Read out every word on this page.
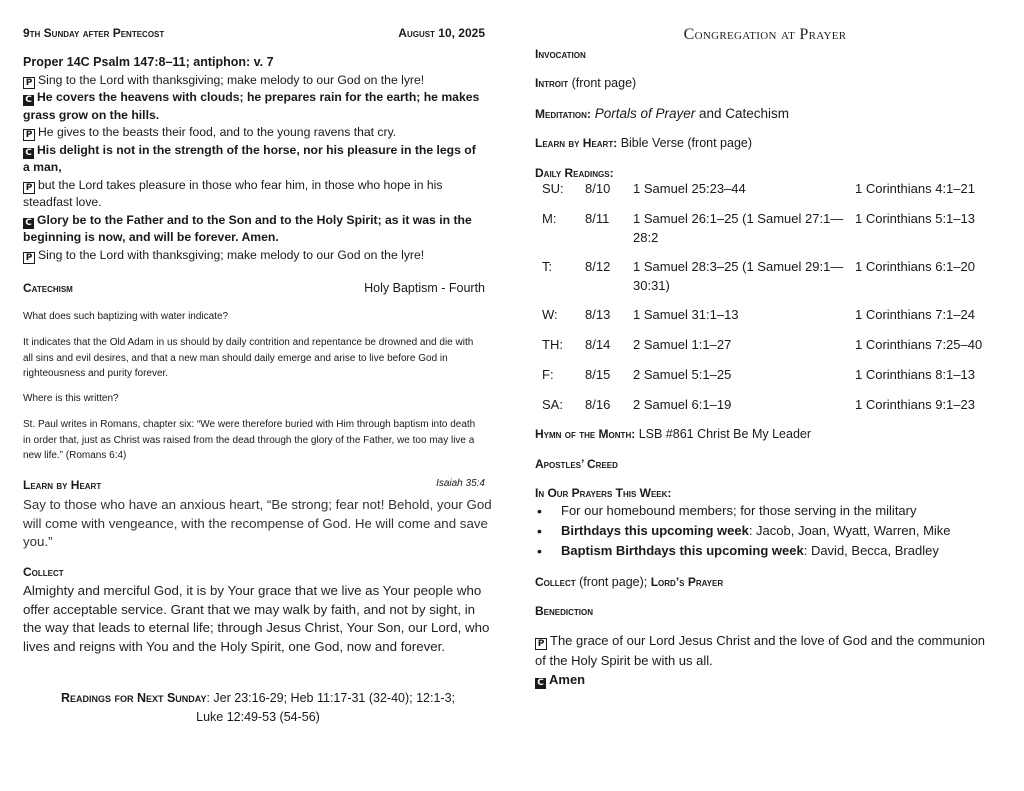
9th Sunday after Pentecost	August 10, 2025

Proper 14C Psalm 147:8–11; antiphon: v. 7

P Sing to the Lord with thanksgiving; make melody to our God on the lyre!

C He covers the heavens with clouds; he prepares rain for the earth; he makes grass grow on the hills.

P He gives to the beasts their food, and to the young ravens that cry.

C His delight is not in the strength of the horse, nor his pleasure in the legs of a man,

P but the Lord takes pleasure in those who fear him, in those who hope in his steadfast love.

C Glory be to the Father and to the Son and to the Holy Spirit; as it was in the beginning is now, and will be forever. Amen.

P Sing to the Lord with thanksgiving; make melody to our God on the lyre!

Catechism	Holy Baptism - Fourth

What does such baptizing with water indicate?

It indicates that the Old Adam in us should by daily contrition and repentance be drowned and die with all sins and evil desires, and that a new man should daily emerge and arise to live before God in righteousness and purity forever.

Where is this written?

St. Paul writes in Romans, chapter six: “We were therefore buried with Him through baptism into death in order that, just as Christ was raised from the dead through the glory of the Father, we too may live a new life.” (Romans 6:4)

Learn by Heart	Isaiah 35:4

Say to those who have an anxious heart, “Be strong; fear not! Behold, your God will come with vengeance, with the recompense of God. He will come and save you.”

Collect

Almighty and merciful God, it is by Your grace that we live as Your people who offer acceptable service. Grant that we may walk by faith, and not by sight, in the way that leads to eternal life; through Jesus Christ, Your Son, our Lord, who lives and reigns with You and the Holy Spirit, one God, now and forever.

Readings for Next Sunday: Jer 23:16-29; Heb 11:17-31 (32-40); 12:1-3;
Luke 12:49-53 (54-56)
Congregation at Prayer
Invocation
Introit (front page)
Meditation: Portals of Prayer and Catechism
Learn by Heart: Bible Verse (front page)
Daily Readings:
SU:	8/10	1 Samuel 25:23–44	1 Corinthians 4:1–21
M:	8/11	1 Samuel 26:1–25 (1 Samuel 27:1—28:2	1 Corinthians 5:1–13
T:	8/12	1 Samuel 28:3–25 (1 Samuel 29:1—30:31)	1 Corinthians 6:1–20
W:	8/13	1 Samuel 31:1–13	1 Corinthians 7:1–24
TH:	8/14	2 Samuel 1:1–27	1 Corinthians 7:25–40
F:	8/15	2 Samuel 5:1–25	1 Corinthians 8:1–13
SA:	8/16	2 Samuel 6:1–19	1 Corinthians 9:1–23
Hymn of the Month: LSB #861 Christ Be My Leader
Apostles’ Creed
In Our Prayers This Week:
• For our homebound members; for those serving in the military
• Birthdays this upcoming week: Jacob, Joan, Wyatt, Warren, Mike
• Baptism Birthdays this upcoming week: David, Becca, Bradley
Collect (front page); Lord’s Prayer
Benediction

P The grace of our Lord Jesus Christ and the love of God and the communion of the Holy Spirit be with us all.

C Amen
